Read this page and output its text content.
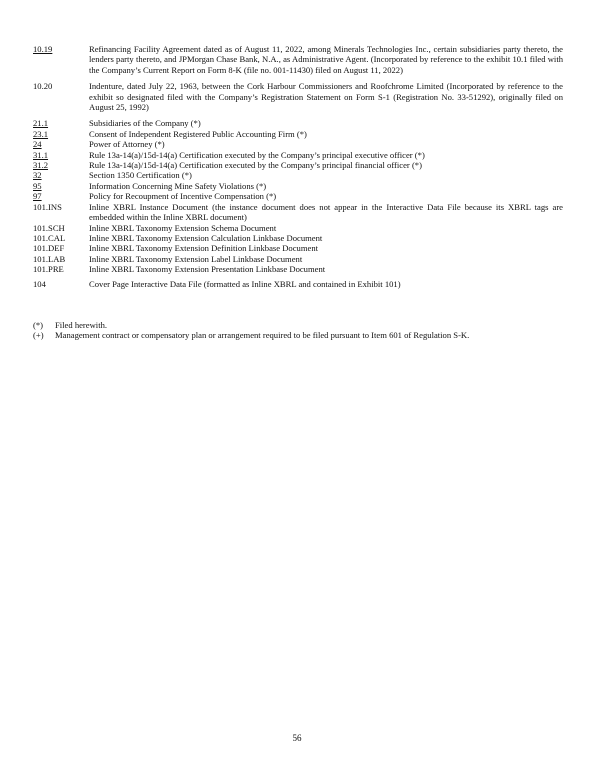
10.19	Refinancing Facility Agreement dated as of August 11, 2022, among Minerals Technologies Inc., certain subsidiaries party thereto, the lenders party thereto, and JPMorgan Chase Bank, N.A., as Administrative Agent. (Incorporated by reference to the exhibit 10.1 filed with the Company’s Current Report on Form 8-K (file no. 001-11430) filed on August 11, 2022)
10.20	Indenture, dated July 22, 1963, between the Cork Harbour Commissioners and Roofchrome Limited (Incorporated by reference to the exhibit so designated filed with the Company’s Registration Statement on Form S-1 (Registration No. 33-51292), originally filed on August 25, 1992)
21.1	Subsidiaries of the Company (*)
23.1	Consent of Independent Registered Public Accounting Firm (*)
24	Power of Attorney (*)
31.1	Rule 13a-14(a)/15d-14(a) Certification executed by the Company’s principal executive officer (*)
31.2	Rule 13a-14(a)/15d-14(a) Certification executed by the Company’s principal financial officer (*)
32	Section 1350 Certification (*)
95	Information Concerning Mine Safety Violations (*)
97	Policy for Recoupment of Incentive Compensation (*)
101.INS	Inline XBRL Instance Document (the instance document does not appear in the Interactive Data File because its XBRL tags are embedded within the Inline XBRL document)
101.SCH	Inline XBRL Taxonomy Extension Schema Document
101.CAL	Inline XBRL Taxonomy Extension Calculation Linkbase Document
101.DEF	Inline XBRL Taxonomy Extension Definition Linkbase Document
101.LAB	Inline XBRL Taxonomy Extension Label Linkbase Document
101.PRE	Inline XBRL Taxonomy Extension Presentation Linkbase Document
104	Cover Page Interactive Data File (formatted as Inline XBRL and contained in Exhibit 101)
(*)	Filed herewith.
(+)	Management contract or compensatory plan or arrangement required to be filed pursuant to Item 601 of Regulation S-K.
56
